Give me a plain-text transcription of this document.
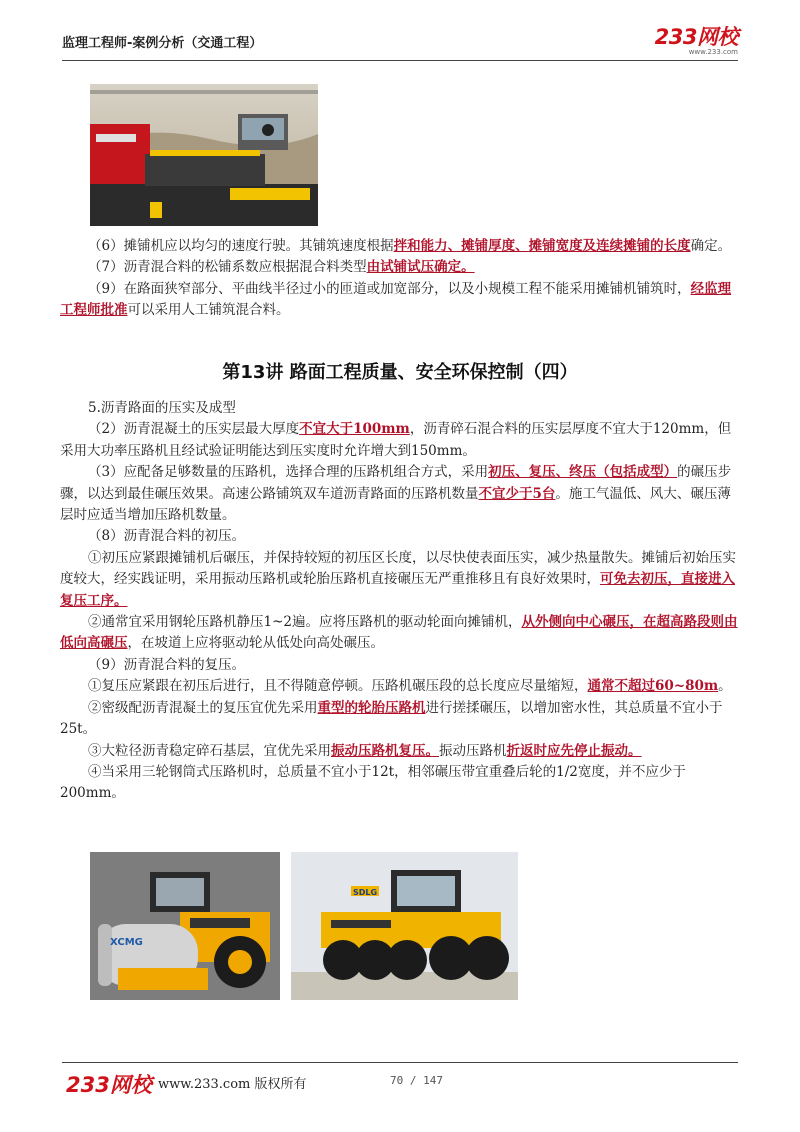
监理工程师-案例分析（交通工程）	233网校
www.233.com

（6）摊铺机应以均匀的速度行驶。其铺筑速度根据拌和能力、摊铺厚度、摊铺宽度及连续摊铺的长度确定。

（7）沥青混合料的松铺系数应根据混合料类型由试铺试压确定。

（9）在路面狭窄部分、平曲线半径过小的匝道或加宽部分，以及小规模工程不能采用摊铺机铺筑时，经监理工程师批准可以采用人工铺筑混合料。

第13讲 路面工程质量、安全环保控制（四）

5.沥青路面的压实及成型

（2）沥青混凝土的压实层最大厚度不宜大于100mm，沥青碎石混合料的压实层厚度不宜大于120mm，但采用大功率压路机且经试验证明能达到压实度时允许增大到150mm。

（3）应配备足够数量的压路机，选择合理的压路机组合方式，采用初压、复压、终压（包括成型）的碾压步骤，以达到最佳碾压效果。高速公路铺筑双车道沥青路面的压路机数量不宜少于5台。施工气温低、风大、碾压薄层时应适当增加压路机数量。

（8）沥青混合料的初压。

①初压应紧跟摊铺机后碾压，并保持较短的初压区长度，以尽快使表面压实，减少热量散失。摊铺后初始压实度较大，经实践证明，采用振动压路机或轮胎压路机直接碾压无严重推移且有良好效果时，可免去初压，直接进入复压工序。

②通常宜采用钢轮压路机静压1~2遍。应将压路机的驱动轮面向摊铺机，从外侧向中心碾压，在超高路段则由低向高碾压，在坡道上应将驱动轮从低处向高处碾压。

（9）沥青混合料的复压。

①复压应紧跟在初压后进行，且不得随意停顿。压路机碾压段的总长度应尽量缩短，通常不超过60~80m。

②密级配沥青混凝土的复压宜优先采用重型的轮胎压路机进行搓揉碾压，以增加密水性，其总质量不宜小于25t。

③大粒径沥青稳定碎石基层，宜优先采用振动压路机复压。振动压路机折返时应先停止振动。

④当采用三轮钢筒式压路机时，总质量不宜小于12t，相邻碾压带宜重叠后轮的1/2宽度，并不应少于200mm。

XCMG
SDLG
233网校 www.233.com 版权所有	70 / 147
